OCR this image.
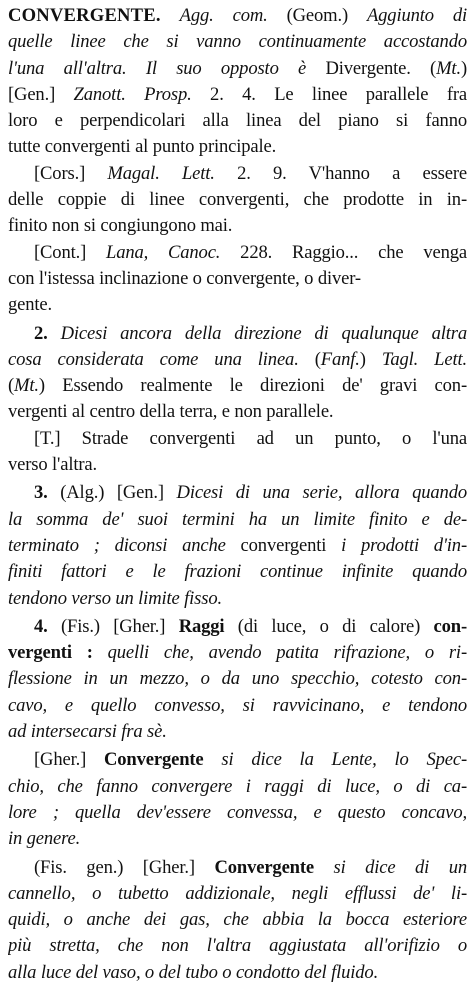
CONVERGENTE. Agg. com. (Geom.) Aggiunto di
quelle linee che si vanno continuamente accostando
l'una all'altra. Il suo opposto è Divergente. (Mt.)
[Gen.] Zanott. Prosp. 2. 4. Le linee parallele fra
loro e perpendicolari alla linea del piano si fanno
tutte convergenti al punto principale.
[Cors.] Magal. Lett. 2. 9. V'hanno a essere
delle coppie di linee convergenti, che prodotte in in-
finito non si congiungono mai.
[Cont.] Lana, Canoc. 228. Raggio... che venga
con l'istessa inclinazione o convergente, o diver-
gente.
2. Dicesi ancora della direzione di qualunque altra
cosa considerata come una linea. (Fanf.) Tagl. Lett.
(Mt.) Essendo realmente le direzioni de' gravi con-
vergenti al centro della terra, e non parallele.
[T.] Strade convergenti ad un punto, o l'una
verso l'altra.
3. (Alg.) [Gen.] Dicesi di una serie, allora quando
la somma de' suoi termini ha un limite finito e de-
terminato ; diconsi anche convergenti i prodotti d'in-
finiti fattori e le frazioni continue infinite quando
tendono verso un limite fisso.
4. (Fis.) [Gher.] Raggi (di luce, o di calore) con-
vergenti : quelli che, avendo patita rifrazione, o ri-
flessione in un mezzo, o da uno specchio, cotesto con-
cavo, e quello convesso, si ravvicinano, e tendono
ad intersecarsi fra sè.
[Gher.] Convergente si dice la Lente, lo Spec-
chio, che fanno convergere i raggi di luce, o di ca-
lore ; quella dev'essere convessa, e questo concavo,
in genere.
(Fis. gen.) [Gher.] Convergente si dice di un
cannello, o tubetto addizionale, negli efflussi de' li-
quidi, o anche dei gas, che abbia la bocca esteriore
più stretta, che non l'altra aggiustata all'orifizio o
alla luce del vaso, o del tubo o condotto del fluido.
